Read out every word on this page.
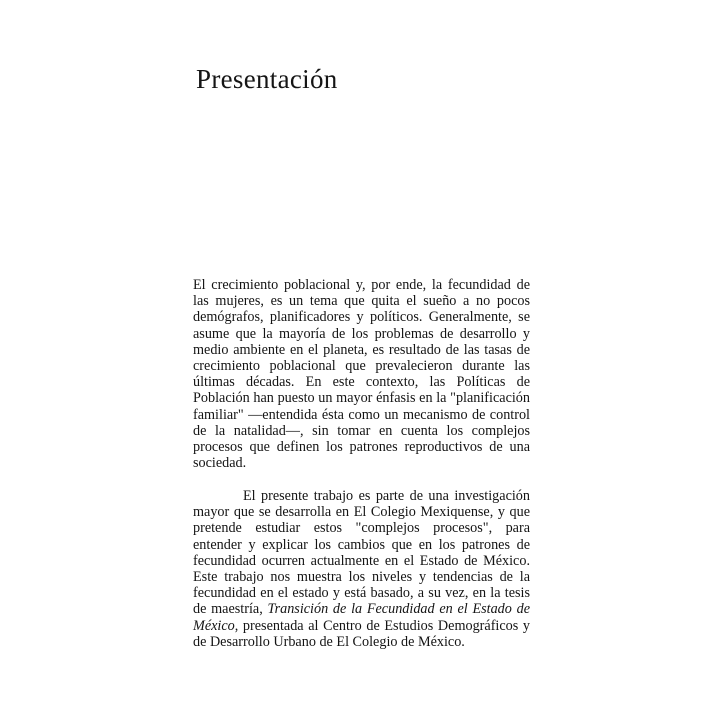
Presentación

El crecimiento poblacional y, por ende, la fecundidad de las mujeres, es un tema que quita el sueño a no pocos demógrafos, planificadores y políticos. Generalmente, se asume que la mayoría de los problemas de desarrollo y medio ambiente en el planeta, es resultado de las tasas de crecimiento poblacional que prevalecieron durante las últimas décadas. En este contexto, las Políticas de Población han puesto un mayor énfasis en la "planificación familiar" —entendida ésta como un mecanismo de control de la natalidad—, sin tomar en cuenta los complejos procesos que definen los patrones reproductivos de una sociedad.

El presente trabajo es parte de una investigación mayor que se desarrolla en El Colegio Mexiquense, y que pretende estudiar estos "complejos procesos", para entender y explicar los cambios que en los patrones de fecundidad ocurren actualmente en el Estado de México. Este trabajo nos muestra los niveles y tendencias de la fecundidad en el estado y está basado, a su vez, en la tesis de maestría, Transición de la Fecundidad en el Estado de México, presentada al Centro de Estudios Demográficos y de Desarrollo Urbano de El Colegio de México.
